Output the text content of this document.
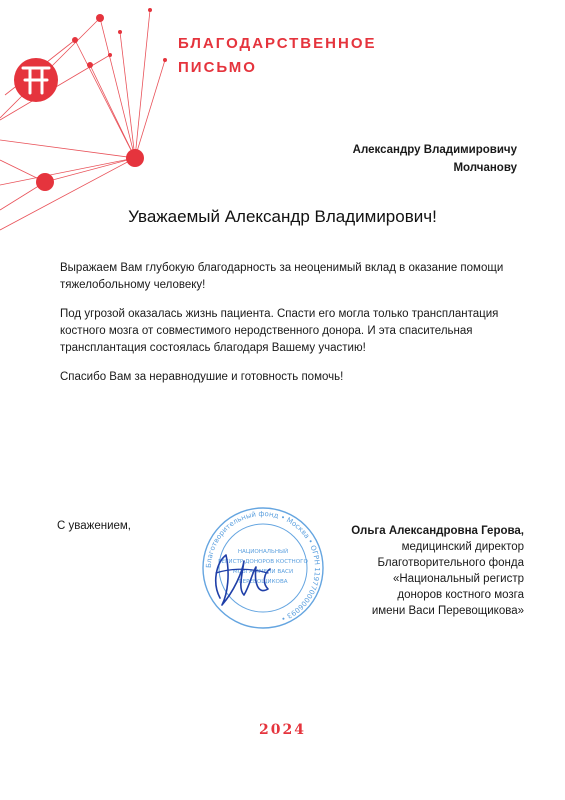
БЛАГОДАРСТВЕННОЕ
ПИСЬМО
Александру Владимировичу
Молчанову
Уважаемый Александр Владимирович!

Выражаем Вам глубокую благодарность за неоценимый вклад в оказание помощи тяжелобольному человеку!

Под угрозой оказалась жизнь пациента. Спасти его могла только трансплантация костного мозга от совместимого неродственного донора. И эта спасительная трансплантация состоялась благодаря Вашему участию!

Спасибо Вам за неравнодушие и готовность помочь!

С уважением,
Благотворительный фонд • Москва • ОГРН 1197700006093 •
НАЦИОНАЛЬНЫЙ
РЕГИСТР ДОНОРОВ КОСТНОГО
МОЗГА ИМЕНИ ВАСИ
ПЕРЕВОЩИКОВА
Ольга Александровна Герова,
медицинский директор
Благотворительного фонда
«Национальный регистр
доноров костного мозга
имени Васи Перевощикова»
2024
